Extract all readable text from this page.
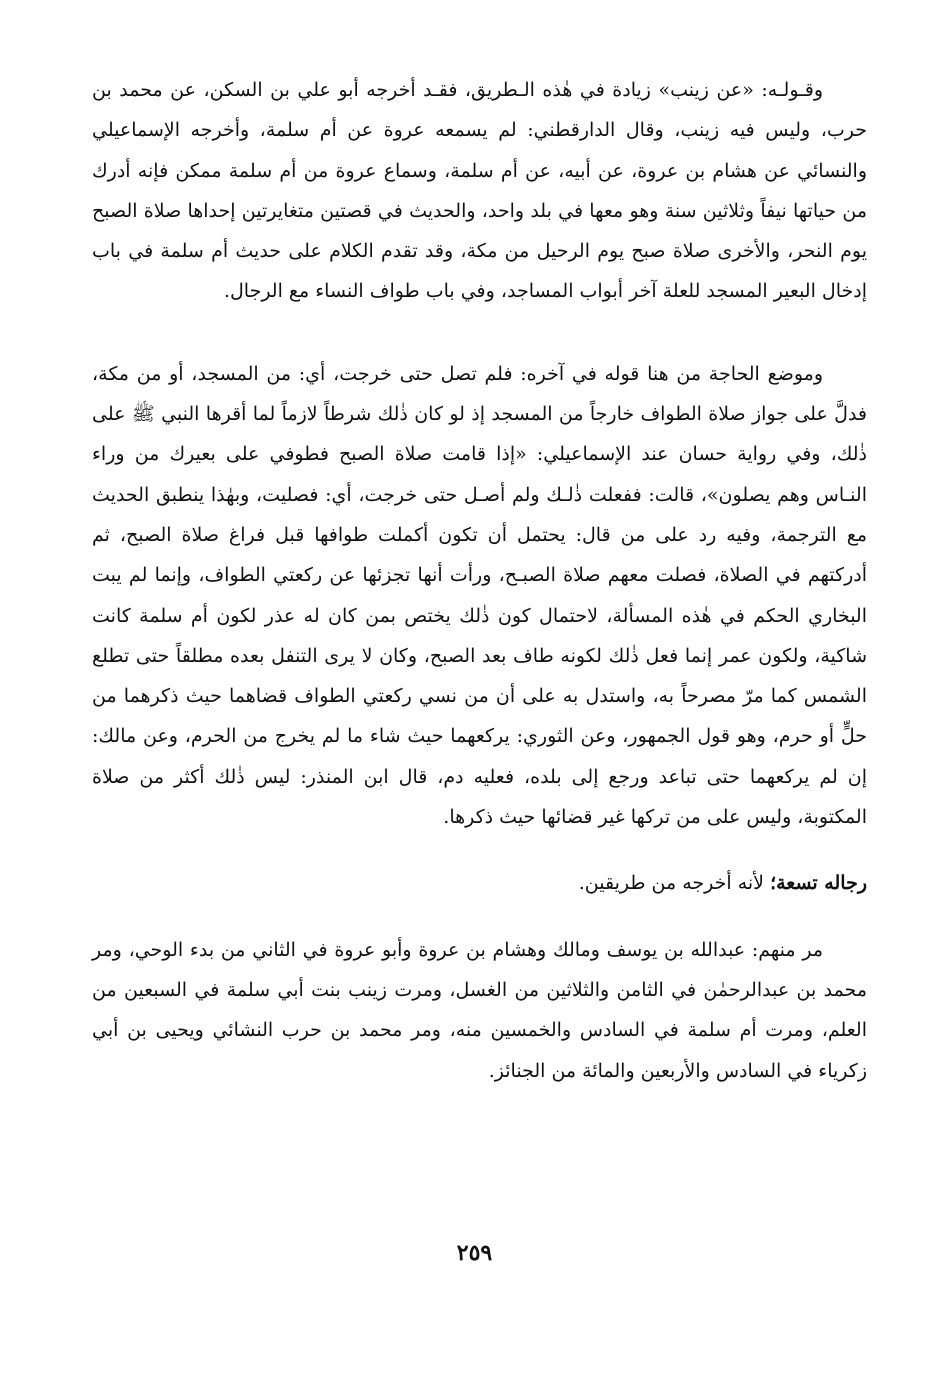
وقـولـه: «عن زينب» زيادة في هٰذه الـطريق، فقـد أخرجه أبو علي بن السكن، عن محمد بن حرب، وليس فيه زينب، وقال الدارقطني: لم يسمعه عروة عن أم سلمة، وأخرجه الإسماعيلي والنسائي عن هشام بن عروة، عن أبيه، عن أم سلمة، وسماع عروة من أم سلمة ممكن فإنه أدرك من حياتها نيفاً وثلاثين سنة وهو معها في بلد واحد، والحديث في قصتين متغايرتين إحداها صلاة الصبح يوم النحر، والأخرى صلاة صبح يوم الرحيل من مكة، وقد تقدم الكلام على حديث أم سلمة في باب إدخال البعير المسجد للعلة آخر أبواب المساجد، وفي باب طواف النساء مع الرجال.

وموضع الحاجة من هنا قوله في آخره: فلم تصل حتى خرجت، أي: من المسجد، أو من مكة، فدلَّ على جواز صلاة الطواف خارجاً من المسجد إذ لو كان ذٰلك شرطاً لازماً لما أقرها النبي ﷺ على ذٰلك، وفي رواية حسان عند الإسماعيلي: «إذا قامت صلاة الصبح فطوفي على بعيرك من وراء النـاس وهم يصلون»، قالت: ففعلت ذٰلـك ولم أصـل حتى خرجت، أي: فصليت، وبهٰذا ينطبق الحديث مع الترجمة، وفيه رد على من قال: يحتمل أن تكون أكملت طوافها قبل فراغ صلاة الصبح، ثم أدركتهم في الصلاة، فصلت معهم صلاة الصبـح، ورأت أنها تجزئها عن ركعتي الطواف، وإنما لم يبت البخاري الحكم في هٰذه المسألة، لاحتمال كون ذٰلك يختص بمن كان له عذر لكون أم سلمة كانت شاكية، ولكون عمر إنما فعل ذٰلك لكونه طاف بعد الصبح، وكان لا يرى التنفل بعده مطلقاً حتى تطلع الشمس كما مرّ مصرحاً به، واستدل به على أن من نسي ركعتي الطواف قضاهما حيث ذكرهما من حلٍّ أو حرم، وهو قول الجمهور، وعن الثوري: يركعهما حيث شاء ما لم يخرج من الحرم، وعن مالك: إن لم يركعهما حتى تباعد ورجع إلى بلده، فعليه دم، قال ابن المنذر: ليس ذٰلك أكثر من صلاة المكتوبة، وليس على من تركها غير قضائها حيث ذكرها.

رجاله تسعة؛ لأنه أخرجه من طريقين.

مر منهم: عبدالله بن يوسف ومالك وهشام بن عروة وأبو عروة في الثاني من بدء الوحي، ومر محمد بن عبدالرحمٰن في الثامن والثلاثين من الغسل، ومرت زينب بنت أبي سلمة في السبعين من العلم، ومرت أم سلمة في السادس والخمسين منه، ومر محمد بن حرب النشائي ويحيى بن أبي زكرياء في السادس والأربعين والمائة من الجنائز.

٢٥٩
